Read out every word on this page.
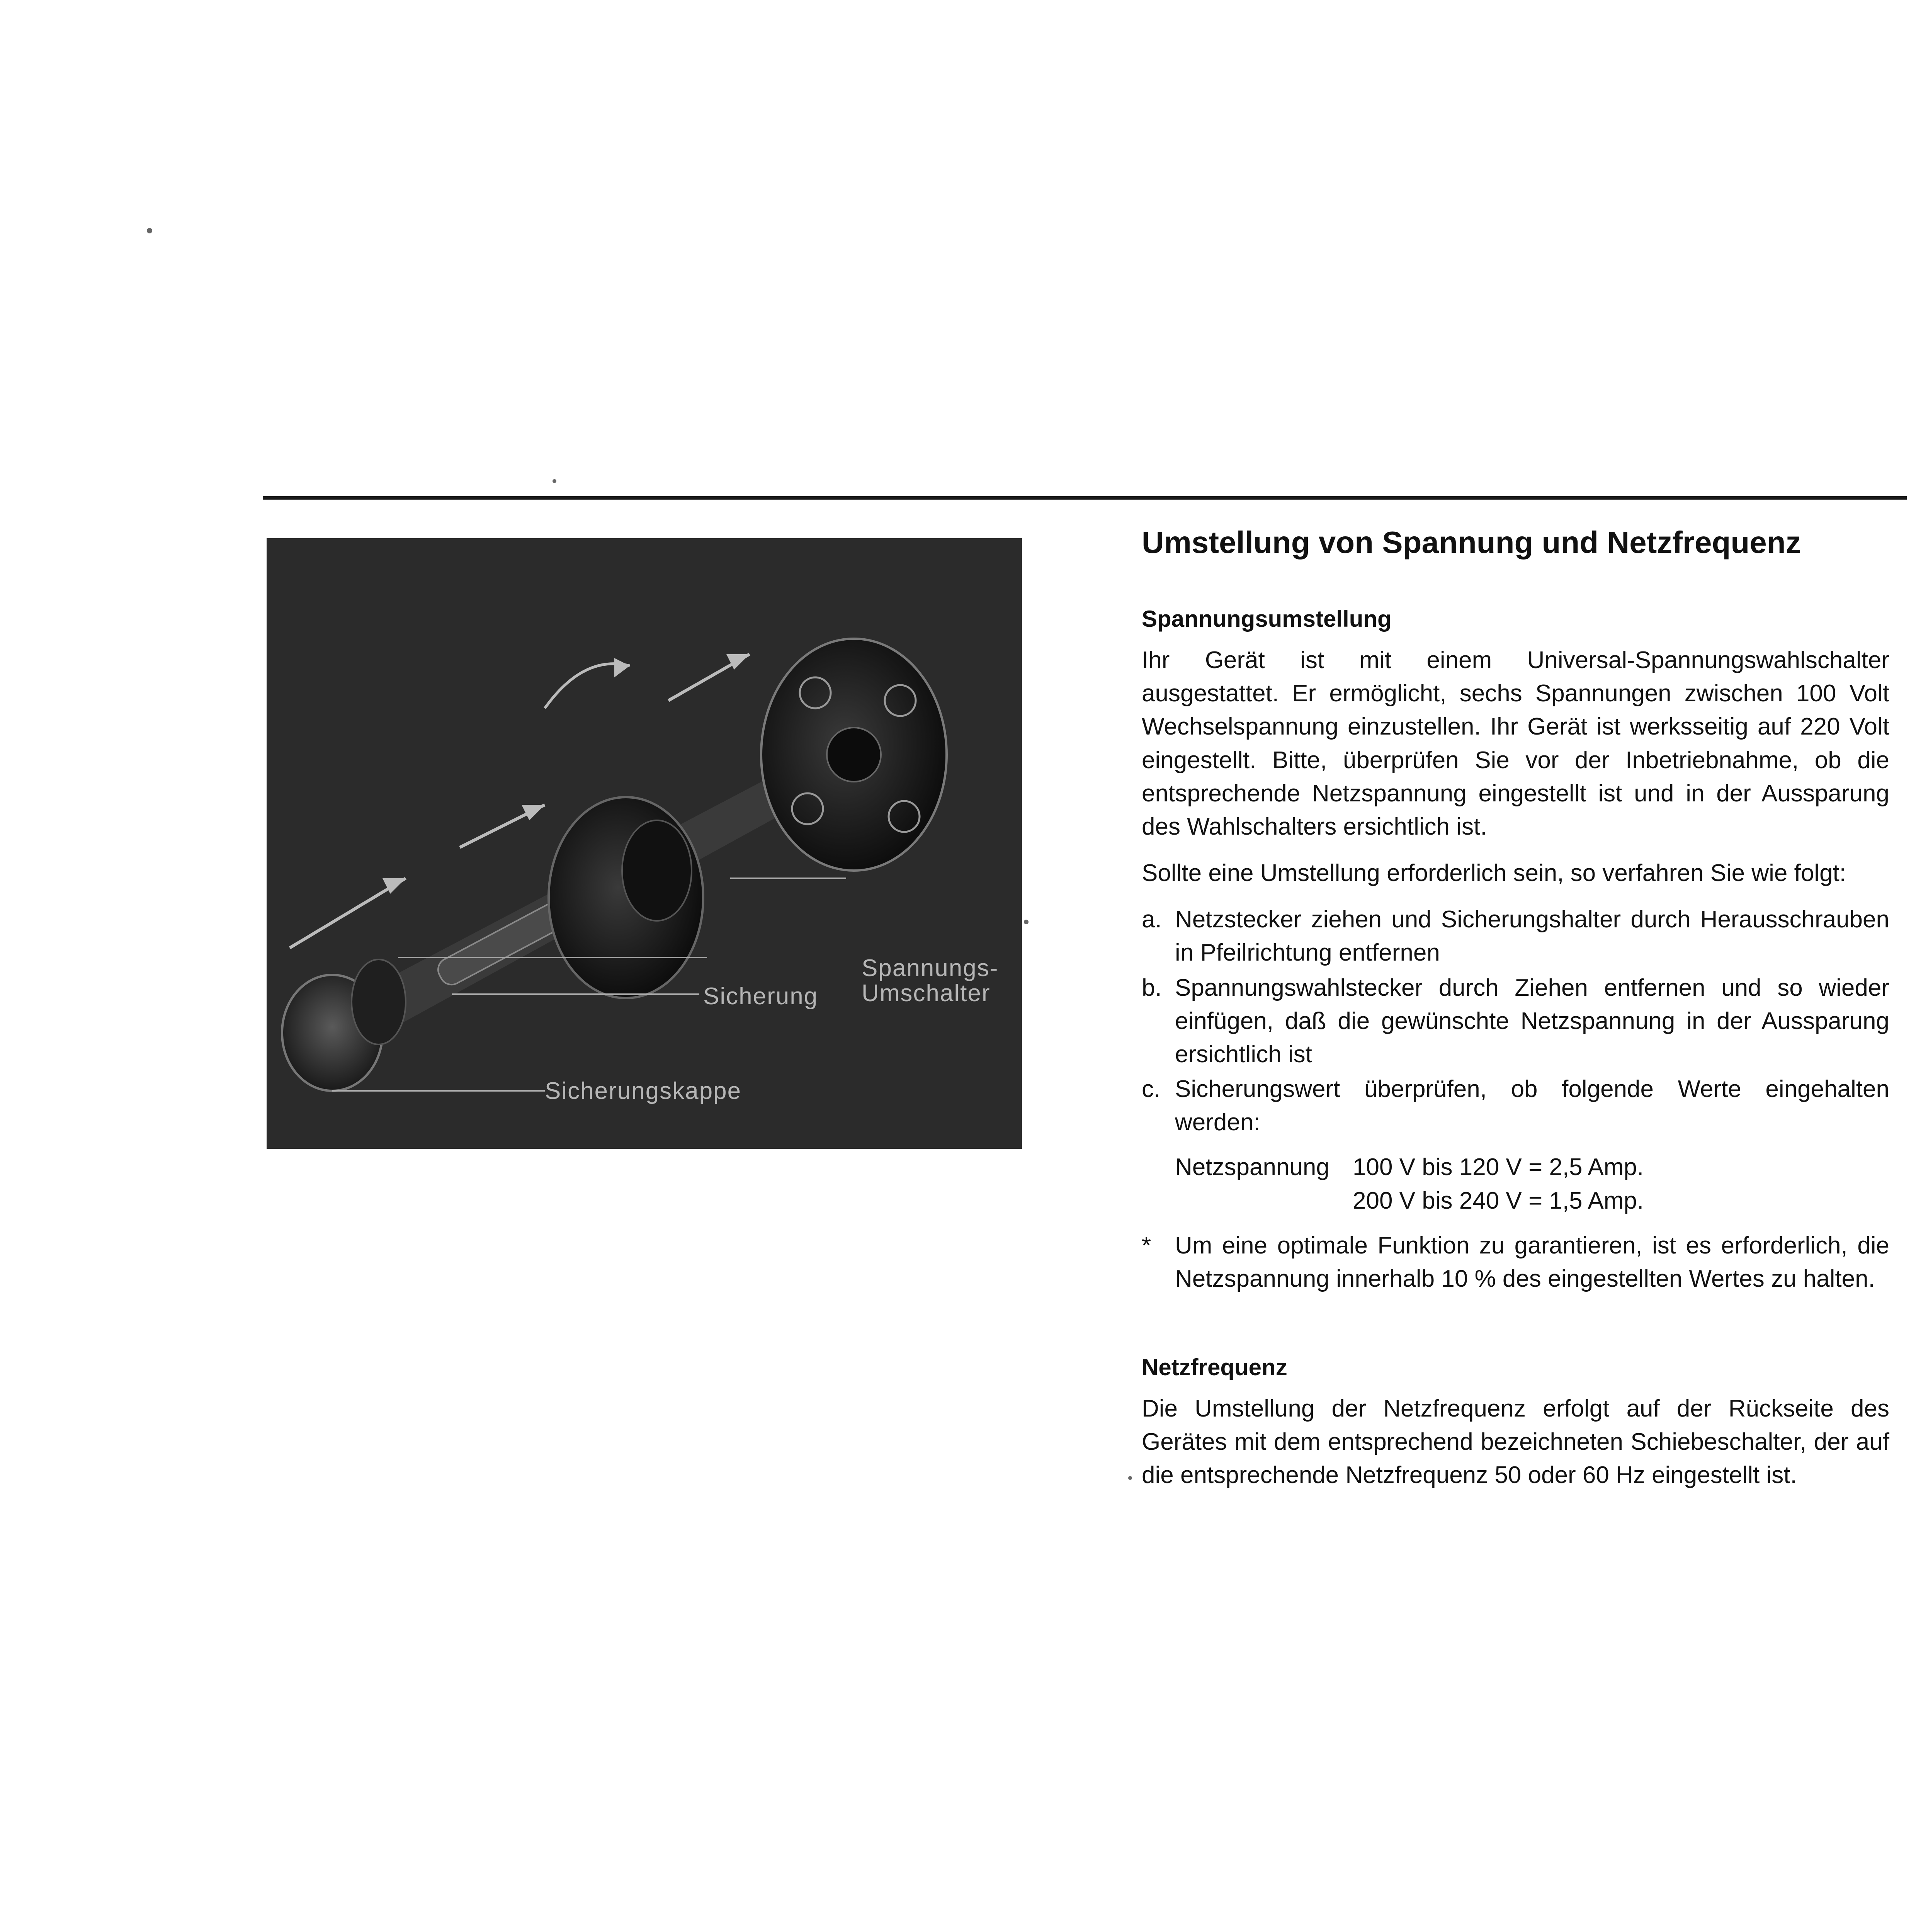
Spannungs-
Umschalter
Sicherung
Sicherungskappe
Umstellung von Spannung und Netzfrequenz
Spannungsumstellung

Ihr Gerät ist mit einem Universal-Spannungswahlschalter ausgestattet. Er ermöglicht, sechs Spannungen zwischen 100 Volt Wechselspannung einzustellen. Ihr Gerät ist werksseitig auf 220 Volt eingestellt. Bitte, überprüfen Sie vor der Inbetriebnahme, ob die entsprechende Netzspannung eingestellt ist und in der Aussparung des Wahlschalters ersichtlich ist.

Sollte eine Umstellung erforderlich sein, so verfahren Sie wie folgt:

a. Netzstecker ziehen und Sicherungshalter durch Herausschrauben in Pfeilrichtung entfernen
b. Spannungswahlstecker durch Ziehen entfernen und so wieder einfügen, daß die gewünschte Netzspannung in der Aussparung ersichtlich ist
c. Sicherungswert überprüfen, ob folgende Werte eingehalten werden:
Netzspannung 100 V bis 120 V = 2,5 Amp.
200 V bis 240 V = 1,5 Amp.
* Um eine optimale Funktion zu garantieren, ist es erforderlich, die Netzspannung innerhalb 10 % des eingestellten Wertes zu halten.
Netzfrequenz

Die Umstellung der Netzfrequenz erfolgt auf der Rückseite des Gerätes mit dem entsprechend bezeichneten Schiebeschalter, der auf die entsprechende Netzfrequenz 50 oder 60 Hz eingestellt ist.
